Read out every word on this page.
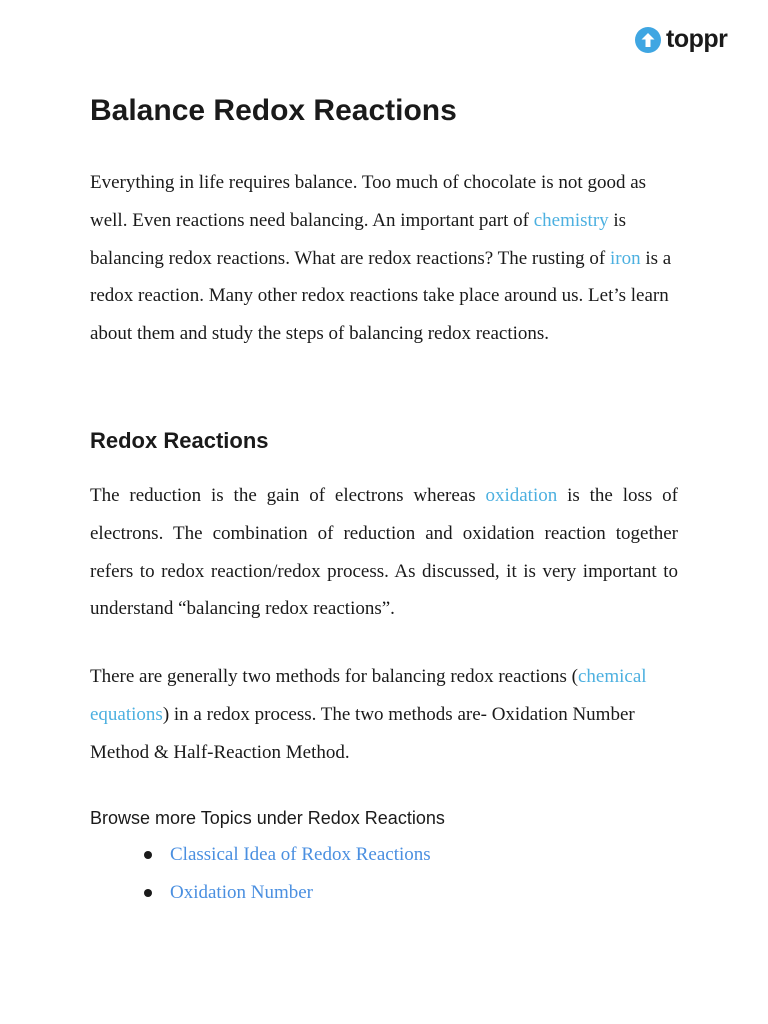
toppr
Balance Redox Reactions

Everything in life requires balance. Too much of chocolate is not good as well. Even reactions need balancing. An important part of chemistry is balancing redox reactions. What are redox reactions? The rusting of iron is a redox reaction. Many other redox reactions take place around us. Let’s learn about them and study the steps of balancing redox reactions.

Redox Reactions

The reduction is the gain of electrons whereas oxidation is the loss of electrons. The combination of reduction and oxidation reaction together refers to redox reaction/redox process. As discussed, it is very important to understand “balancing redox reactions”.

There are generally two methods for balancing redox reactions (chemical equations) in a redox process. The two methods are- Oxidation Number Method & Half-Reaction Method.

Browse more Topics under Redox Reactions
Classical Idea of Redox Reactions
Oxidation Number
